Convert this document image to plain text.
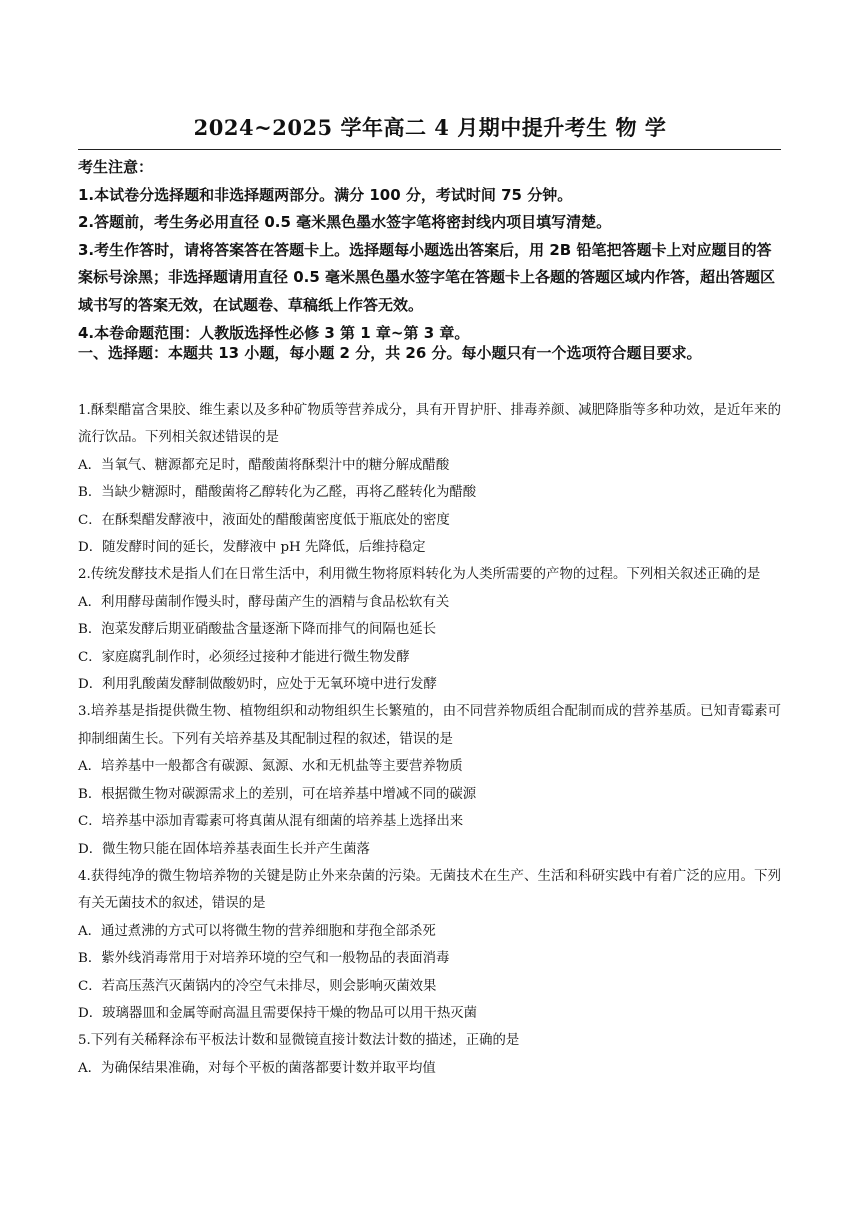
2024~2025 学年高二 4 月期中提升考生 物 学
考生注意：
1.本试卷分选择题和非选择题两部分。满分 100 分，考试时间 75 分钟。
2.答题前，考生务必用直径 0.5 毫米黑色墨水签字笔将密封线内项目填写清楚。
3.考生作答时，请将答案答在答题卡上。选择题每小题选出答案后，用 2B 铅笔把答题卡上对应题目的答案标号涂黑；非选择题请用直径 0.5 毫米黑色墨水签字笔在答题卡上各题的答题区域内作答，超出答题区域书写的答案无效，在试题卷、草稿纸上作答无效。
4.本卷命题范围：人教版选择性必修 3 第 1 章~第 3 章。
一、选择题：本题共 13 小题，每小题 2 分，共 26 分。每小题只有一个选项符合题目要求。

1.酥梨醋富含果胶、维生素以及多种矿物质等营养成分，具有开胃护肝、排毒养颜、减肥降脂等多种功效，是近年来的流行饮品。下列相关叙述错误的是

A．当氧气、糖源都充足时，醋酸菌将酥梨汁中的糖分解成醋酸

B．当缺少糖源时，醋酸菌将乙醇转化为乙醛，再将乙醛转化为醋酸

C．在酥梨醋发酵液中，液面处的醋酸菌密度低于瓶底处的密度

D．随发酵时间的延长，发酵液中 pH 先降低，后维持稳定

2.传统发酵技术是指人们在日常生活中，利用微生物将原料转化为人类所需要的产物的过程。下列相关叙述正确的是

A．利用酵母菌制作馒头时，酵母菌产生的酒精与食品松软有关

B．泡菜发酵后期亚硝酸盐含量逐渐下降而排气的间隔也延长

C．家庭腐乳制作时，必须经过接种才能进行微生物发酵

D．利用乳酸菌发酵制做酸奶时，应处于无氧环境中进行发酵

3.培养基是指提供微生物、植物组织和动物组织生长繁殖的，由不同营养物质组合配制而成的营养基质。已知青霉素可抑制细菌生长。下列有关培养基及其配制过程的叙述，错误的是

A．培养基中一般都含有碳源、氮源、水和无机盐等主要营养物质

B．根据微生物对碳源需求上的差别，可在培养基中增减不同的碳源

C．培养基中添加青霉素可将真菌从混有细菌的培养基上选择出来

D．微生物只能在固体培养基表面生长并产生菌落

4.获得纯净的微生物培养物的关键是防止外来杂菌的污染。无菌技术在生产、生活和科研实践中有着广泛的应用。下列有关无菌技术的叙述，错误的是

A．通过煮沸的方式可以将微生物的营养细胞和芽孢全部杀死

B．紫外线消毒常用于对培养环境的空气和一般物品的表面消毒

C．若高压蒸汽灭菌锅内的冷空气未排尽，则会影响灭菌效果

D．玻璃器皿和金属等耐高温且需要保持干燥的物品可以用干热灭菌

5.下列有关稀释涂布平板法计数和显微镜直接计数法计数的描述，正确的是

A．为确保结果准确，对每个平板的菌落都要计数并取平均值
